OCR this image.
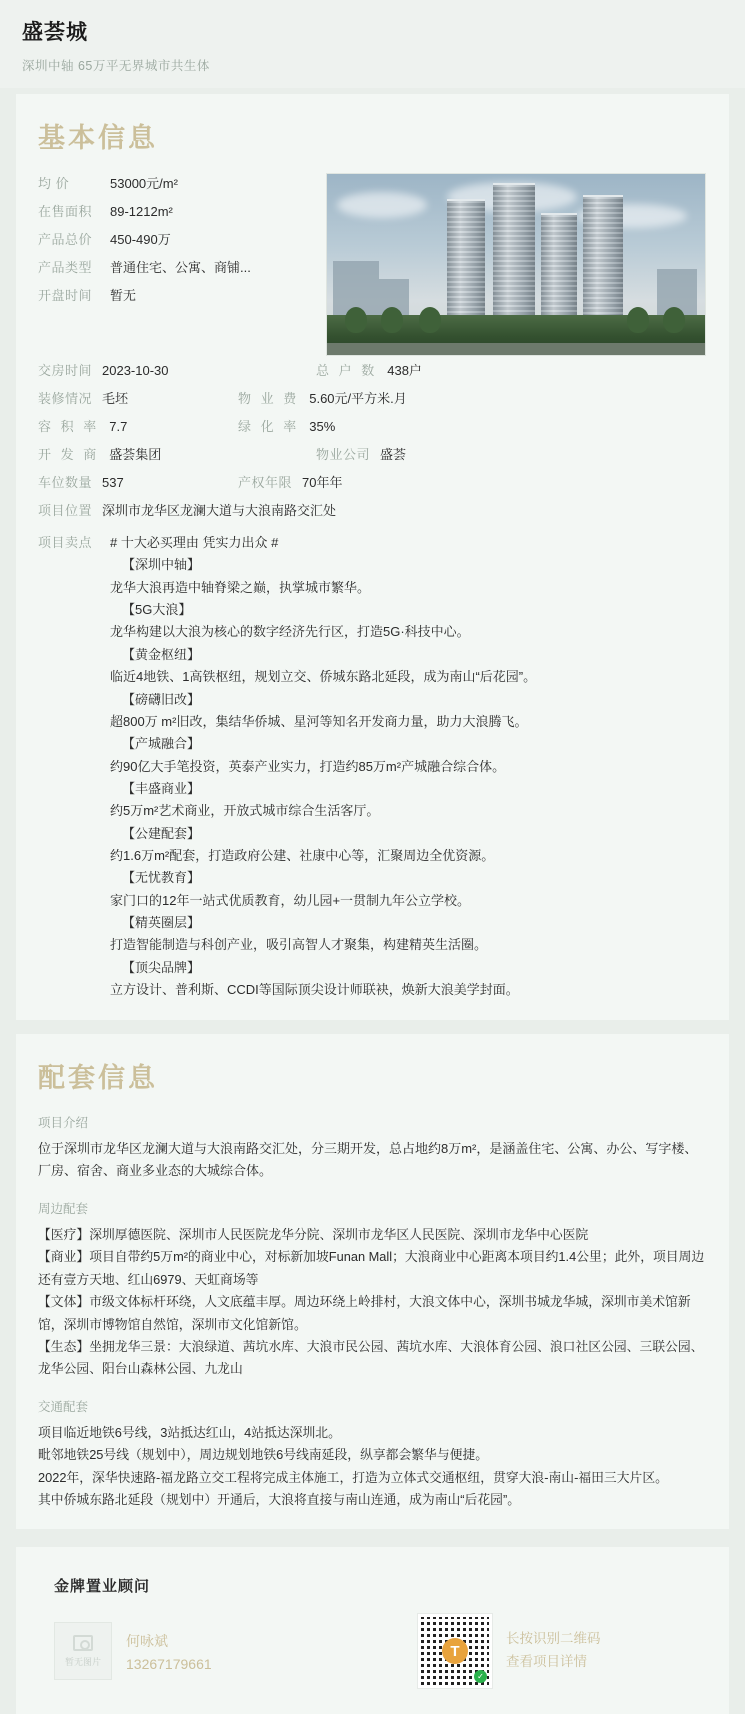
盛荟城
深圳中轴 65万平无界城市共生体
基本信息
均 价	53000元/m²
在售面积	89-1212m²
产品总价	450-490万
产品类型	普通住宅、公寓、商铺...
开盘时间	暂无
交房时间 2023-10-30	总 户 数 438户
装修情况 毛坯	物 业 费 5.60元/平方米.月
容 积 率 7.7	绿 化 率 35%
开 发 商 盛荟集团	物业公司 盛荟
车位数量 537	产权年限 70年年
项目位置 深圳市龙华区龙澜大道与大浪南路交汇处
项目卖点	# 十大必买理由 凭实力出众 #
【深圳中轴】
龙华大浪再造中轴脊梁之巅，执掌城市繁华。
【5G大浪】
龙华构建以大浪为核心的数字经济先行区，打造5G·科技中心。
【黄金枢纽】
临近4地铁、1高铁枢纽，规划立交、侨城东路北延段，成为南山“后花园”。
【磅礴旧改】
超800万 m²旧改，集结华侨城、星河等知名开发商力量，助力大浪腾飞。
【产城融合】
约90亿大手笔投资，英泰产业实力，打造约85万m²产城融合综合体。
【丰盛商业】
约5万m²艺术商业，开放式城市综合生活客厅。
【公建配套】
约1.6万m²配套，打造政府公建、社康中心等，汇聚周边全优资源。
【无忧教育】
家门口的12年一站式优质教育，幼儿园+一贯制九年公立学校。
【精英圈层】
打造智能制造与科创产业，吸引高智人才聚集，构建精英生活圈。
【顶尖品牌】
立方设计、普利斯、CCDI等国际顶尖设计师联袂，焕新大浪美学封面。
配套信息
项目介绍
位于深圳市龙华区龙澜大道与大浪南路交汇处，分三期开发，总占地约8万m²，是涵盖住宅、公寓、办公、写字楼、厂房、宿舍、商业多业态的大城综合体。
周边配套
【医疗】深圳厚德医院、深圳市人民医院龙华分院、深圳市龙华区人民医院、深圳市龙华中心医院
【商业】项目自带约5万m²的商业中心，对标新加坡Funan Mall；大浪商业中心距离本项目约1.4公里；此外，项目周边还有壹方天地、红山6979、天虹商场等
【文体】市级文体标杆环绕，人文底蕴丰厚。周边环绕上岭排村，大浪文体中心，深圳书城龙华城，深圳市美术馆新馆，深圳市博物馆自然馆，深圳市文化馆新馆。
【生态】坐拥龙华三景：大浪绿道、茜坑水库、大浪市民公园、茜坑水库、大浪体育公园、浪口社区公园、三联公园、龙华公园、阳台山森林公园、九龙山
交通配套
项目临近地铁6号线，3站抵达红山，4站抵达深圳北。
毗邻地铁25号线（规划中），周边规划地铁6号线南延段，纵享都会繁华与便捷。
2022年，深华快速路-福龙路立交工程将完成主体施工，打造为立体式交通枢纽，贯穿大浪-南山-福田三大片区。
其中侨城东路北延段（规划中）开通后，大浪将直接与南山连通，成为南山“后花园”。
金牌置业顾问
暂无图片
何咏斌
13267179661
T
✓
长按识别二维码
查看项目详情
